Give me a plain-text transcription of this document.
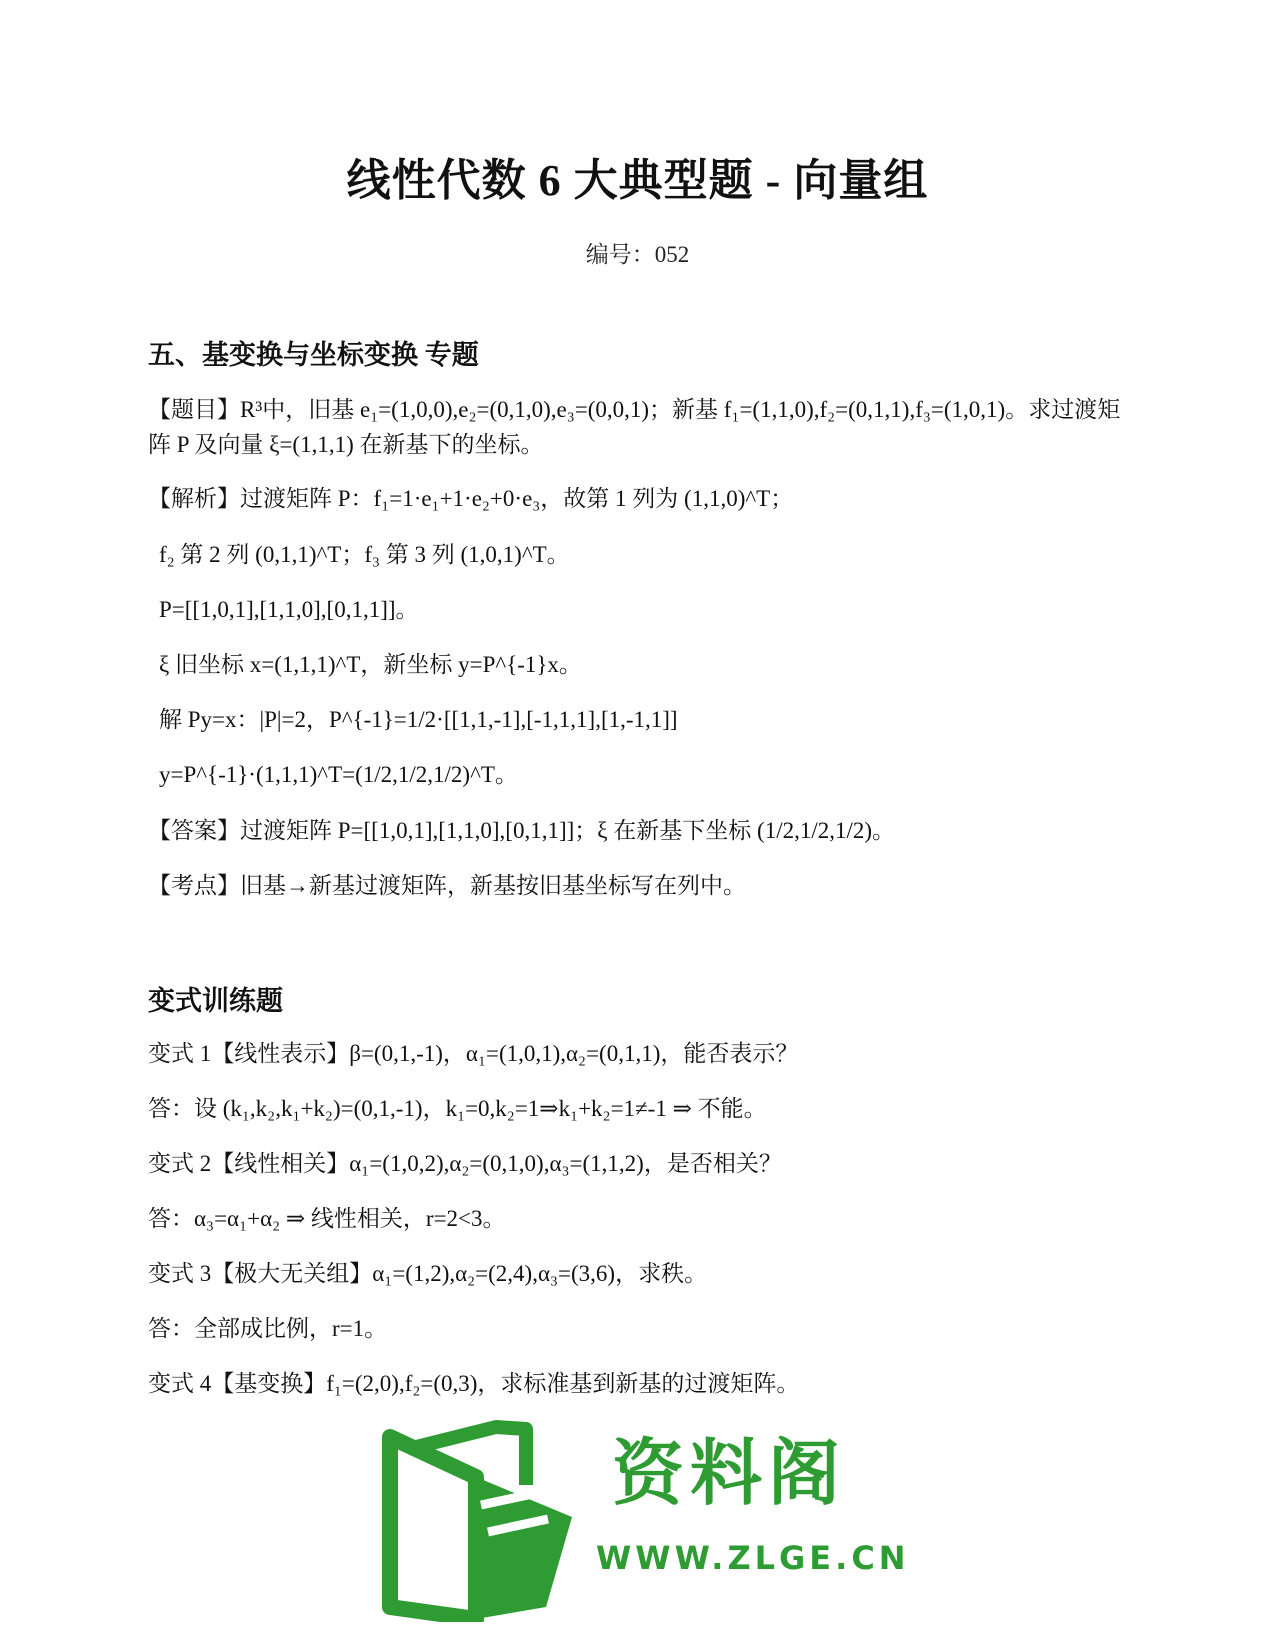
线性代数 6 大典型题 - 向量组
编号：052
五、基变换与坐标变换 专题
【题目】R³中，旧基 e₁=(1,0,0),e₂=(0,1,0),e₃=(0,0,1)；新基 f₁=(1,1,0),f₂=(0,1,1),f₃=(1,0,1)。求过渡矩阵 P 及向量 ξ=(1,1,1) 在新基下的坐标。
【解析】过渡矩阵 P：f₁=1·e₁+1·e₂+0·e₃，故第 1 列为 (1,1,0)^T；
f₂ 第 2 列 (0,1,1)^T；f₃ 第 3 列 (1,0,1)^T。
P=[[1,0,1],[1,1,0],[0,1,1]]。
ξ 旧坐标 x=(1,1,1)^T，新坐标 y=P^{-1}x。
解 Py=x：|P|=2，P^{-1}=1/2·[[1,1,-1],[-1,1,1],[1,-1,1]]
y=P^{-1}·(1,1,1)^T=(1/2,1/2,1/2)^T。
【答案】过渡矩阵 P=[[1,0,1],[1,1,0],[0,1,1]]；ξ 在新基下坐标 (1/2,1/2,1/2)。
【考点】旧基→新基过渡矩阵，新基按旧基坐标写在列中。
变式训练题
变式 1【线性表示】β=(0,1,-1)，α₁=(1,0,1),α₂=(0,1,1)，能否表示？
答：设 (k₁,k₂,k₁+k₂)=(0,1,-1)，k₁=0,k₂=1⇒k₁+k₂=1≠-1 ⇒ 不能。
变式 2【线性相关】α₁=(1,0,2),α₂=(0,1,0),α₃=(1,1,2)，是否相关？
答：α₃=α₁+α₂ ⇒ 线性相关，r=2<3。
变式 3【极大无关组】α₁=(1,2),α₂=(2,4),α₃=(3,6)，求秩。
答：全部成比例，r=1。
变式 4【基变换】f₁=(2,0),f₂=(0,3)，求标准基到新基的过渡矩阵。
资料阁
WWW.ZLGE.CN
